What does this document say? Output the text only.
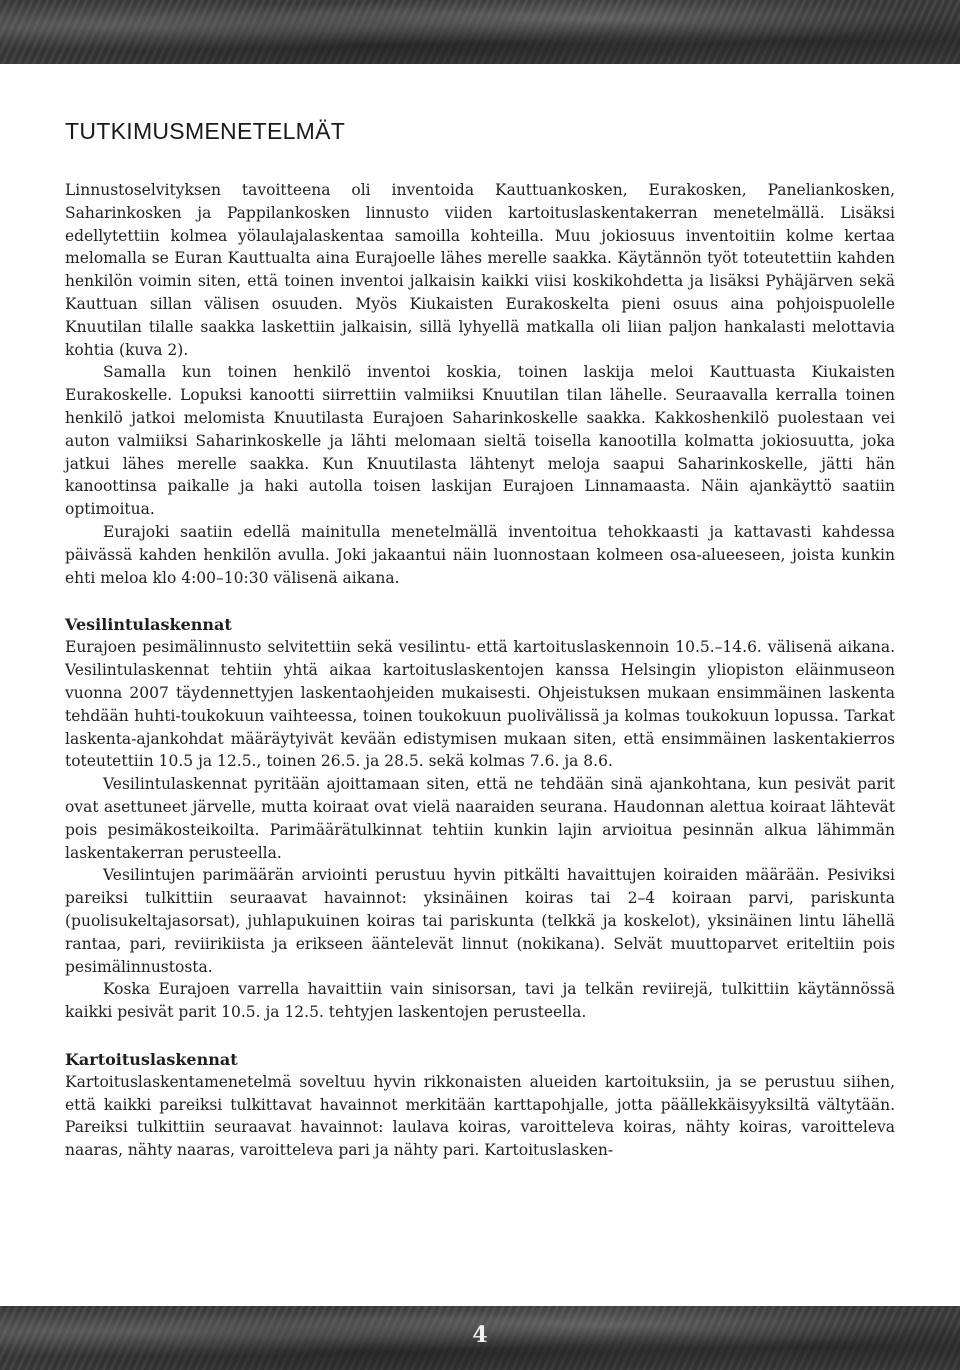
TUTKIMUSMENETELMÄT

Linnustoselvityksen tavoitteena oli inventoida Kauttuankosken, Eurakosken, Paneliankosken, Saharinkosken ja Pappilankosken linnusto viiden kartoituslaskentakerran menetelmällä. Lisäksi edellytettiin kolmea yölaulajalaskentaa samoilla kohteilla. Muu jokiosuus inventoitiin kolme kertaa melomalla se Euran Kauttualta aina Eurajoelle lähes merelle saakka. Käytännön työt toteutettiin kahden henkilön voimin siten, että toinen inventoi jalkaisin kaikki viisi koskikohdetta ja lisäksi Pyhäjärven sekä Kauttuan sillan välisen osuuden. Myös Kiukaisten Eurakoskelta pieni osuus aina pohjoispuolelle Knuutilan tilalle saakka laskettiin jalkaisin, sillä lyhyellä matkalla oli liian paljon hankalasti melottavia kohtia (kuva 2).

Samalla kun toinen henkilö inventoi koskia, toinen laskija meloi Kauttuasta Kiukaisten Eurakoskelle. Lopuksi kanootti siirrettiin valmiiksi Knuutilan tilan lähelle. Seuraavalla kerralla toinen henkilö jatkoi melomista Knuutilasta Eurajoen Saharinkoskelle saakka. Kakkoshenkilö puolestaan vei auton valmiiksi Saharinkoskelle ja lähti melomaan sieltä toisella kanootilla kolmatta jokiosuutta, joka jatkui lähes merelle saakka. Kun Knuutilasta lähtenyt meloja saapui Saharinkoskelle, jätti hän kanoottinsa paikalle ja haki autolla toisen laskijan Eurajoen Linnamaasta. Näin ajankäyttö saatiin optimoitua.

Eurajoki saatiin edellä mainitulla menetelmällä inventoitua tehokkaasti ja kattavasti kahdessa päivässä kahden henkilön avulla. Joki jakaantui näin luonnostaan kolmeen osa-alueeseen, joista kunkin ehti meloa klo 4:00–10:30 välisenä aikana.

Vesilintulaskennat

Eurajoen pesimälinnusto selvitettiin sekä vesilintu- että kartoituslaskennoin 10.5.–14.6. välisenä aikana. Vesilintulaskennat tehtiin yhtä aikaa kartoituslaskentojen kanssa Helsingin yliopiston eläinmuseon vuonna 2007 täydennettyjen laskentaohjeiden mukaisesti. Ohjeistuksen mukaan ensimmäinen laskenta tehdään huhti-toukokuun vaihteessa, toinen toukokuun puolivälissä ja kolmas toukokuun lopussa. Tarkat laskenta-ajankohdat määräytyivät kevään edistymisen mukaan siten, että ensimmäinen laskentakierros toteutettiin 10.5 ja 12.5., toinen 26.5. ja 28.5. sekä kolmas 7.6. ja 8.6.

Vesilintulaskennat pyritään ajoittamaan siten, että ne tehdään sinä ajankohtana, kun pesivät parit ovat asettuneet järvelle, mutta koiraat ovat vielä naaraiden seurana. Haudonnan alettua koiraat lähtevät pois pesimäkosteikoilta. Parimäärätulkinnat tehtiin kunkin lajin arvioitua pesinnän alkua lähimmän laskentakerran perusteella.

Vesilintujen parimäärän arviointi perustuu hyvin pitkälti havaittujen koiraiden määrään. Pesiviksi pareiksi tulkittiin seuraavat havainnot: yksinäinen koiras tai 2–4 koiraan parvi, pariskunta (puolisukeltajasorsat), juhlapukuinen koiras tai pariskunta (telkkä ja koskelot), yksinäinen lintu lähellä rantaa, pari, reviirikiista ja erikseen ääntelevät linnut (nokikana). Selvät muuttoparvet eriteltiin pois pesimälinnustosta.

Koska Eurajoen varrella havaittiin vain sinisorsan, tavi ja telkän reviirejä, tulkittiin käytännössä kaikki pesivät parit 10.5. ja 12.5. tehtyjen laskentojen perusteella.

Kartoituslaskennat

Kartoituslaskentamenetelmä soveltuu hyvin rikkonaisten alueiden kartoituksiin, ja se perustuu siihen, että kaikki pareiksi tulkittavat havainnot merkitään karttapohjalle, jotta päällekkäisyyksiltä vältytään. Pareiksi tulkittiin seuraavat havainnot: laulava koiras, varoitteleva koiras, nähty koiras, varoitteleva naaras, nähty naaras, varoitteleva pari ja nähty pari. Kartoituslasken-

4
